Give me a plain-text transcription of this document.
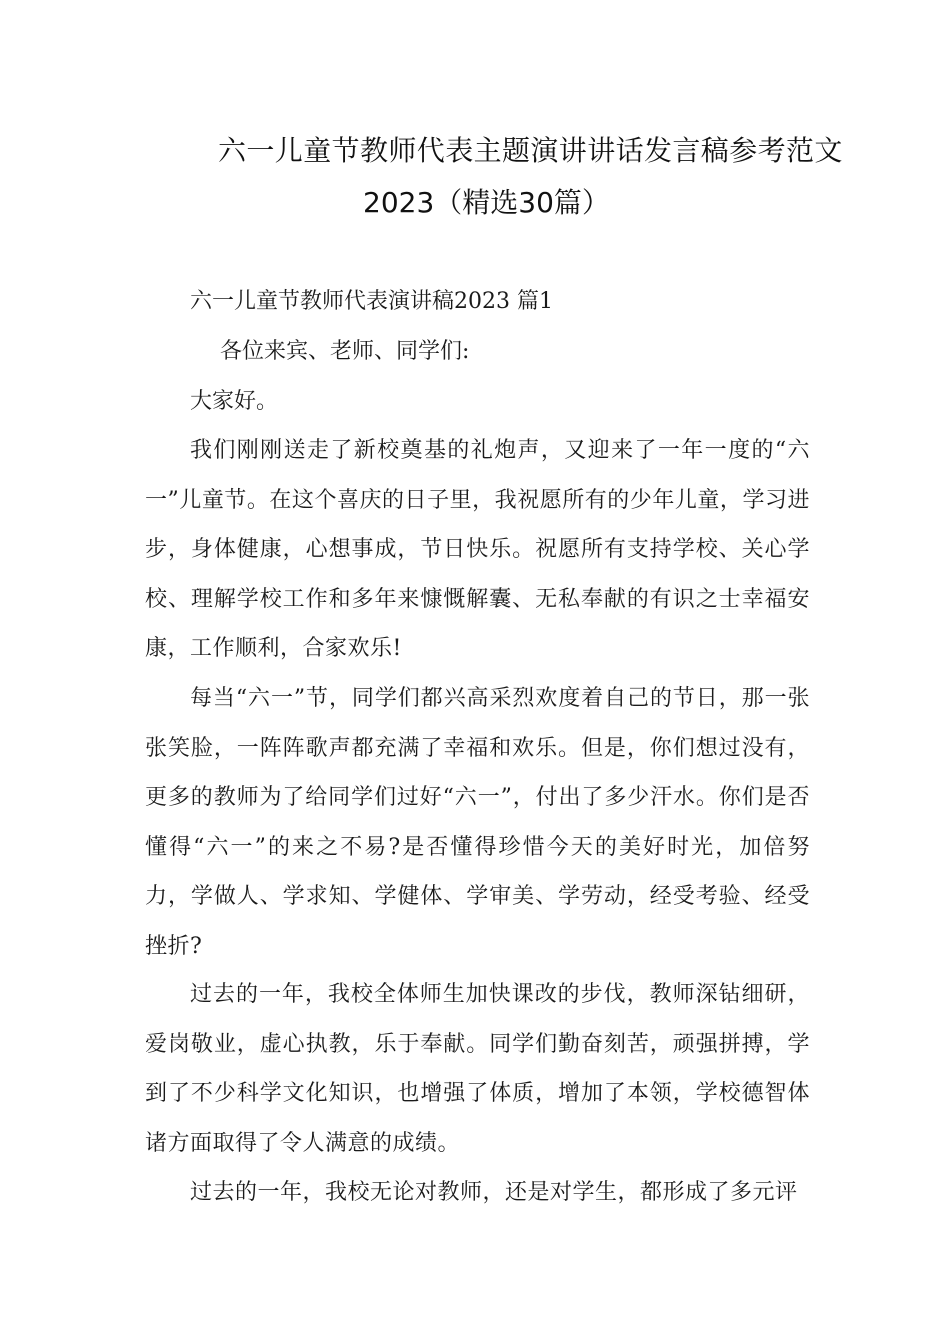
六一儿童节教师代表主题演讲讲话发言稿参考范文
2023（精选30篇）
六一儿童节教师代表演讲稿2023 篇1
各位来宾、老师、同学们:
大家好。

我们刚刚送走了新校奠基的礼炮声，又迎来了一年一度的“六一”儿童节。在这个喜庆的日子里，我祝愿所有的少年儿童，学习进步，身体健康，心想事成，节日快乐。祝愿所有支持学校、关心学校、理解学校工作和多年来慷慨解囊、无私奉献的有识之士幸福安康，工作顺利，合家欢乐!

每当“六一”节，同学们都兴高采烈欢度着自己的节日，那一张张笑脸，一阵阵歌声都充满了幸福和欢乐。但是，你们想过没有，更多的教师为了给同学们过好“六一”，付出了多少汗水。你们是否懂得“六一”的来之不易?是否懂得珍惜今天的美好时光，加倍努力，学做人、学求知、学健体、学审美、学劳动，经受考验、经受挫折?

过去的一年，我校全体师生加快课改的步伐，教师深钻细研，爱岗敬业，虚心执教，乐于奉献。同学们勤奋刻苦，顽强拼搏，学到了不少科学文化知识，也增强了体质，增加了本领，学校德智体诸方面取得了令人满意的成绩。

过去的一年，我校无论对教师，还是对学生，都形成了多元评
